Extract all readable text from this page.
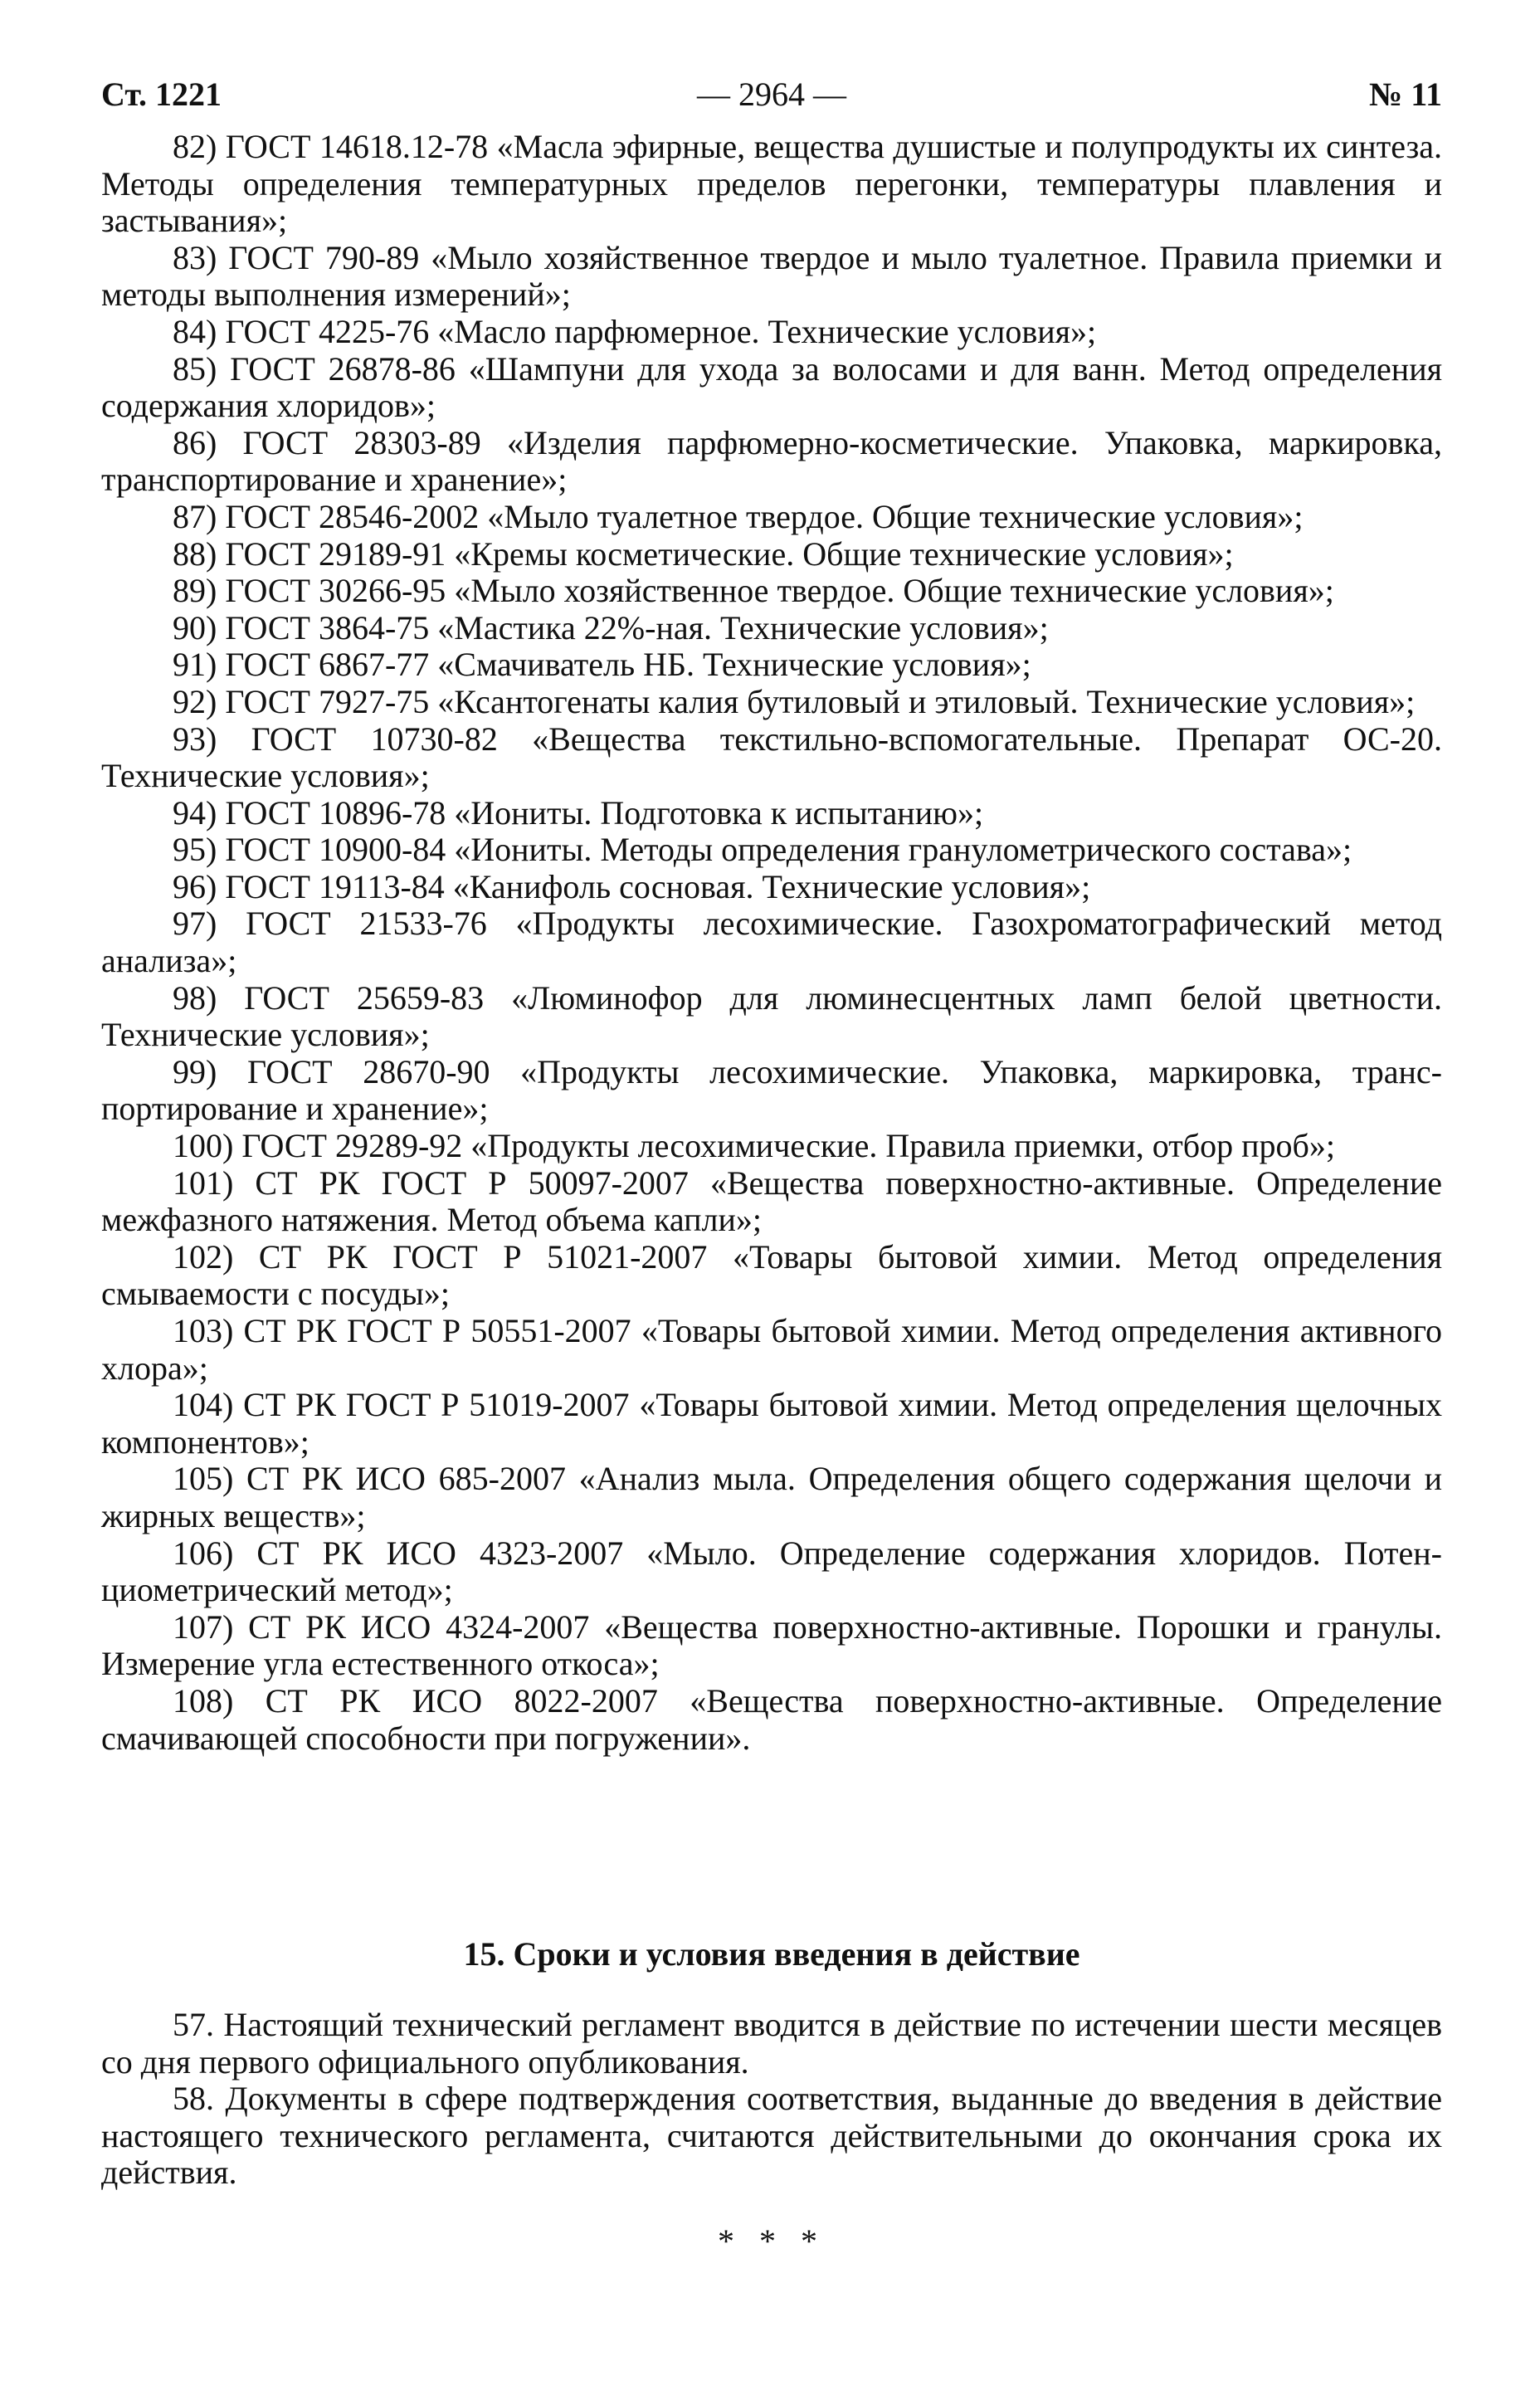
Ст. 1221	— 2964 —	№ 11

82) ГОСТ 14618.12-78 «Масла эфирные, вещества душистые и полупродукты их синтеза. Методы определения температурных пределов перегонки, температуры плавления и застывания»;

83) ГОСТ 790-89 «Мыло хозяйственное твердое и мыло туалетное. Правила приемки и методы выполнения измерений»;

84) ГОСТ 4225-76 «Масло парфюмерное. Технические условия»;

85) ГОСТ 26878-86 «Шампуни для ухода за волосами и для ванн. Метод определения содержания хлоридов»;

86) ГОСТ 28303-89 «Изделия парфюмерно-косметические. Упаковка, маркировка, транспортирование и хранение»;

87) ГОСТ 28546-2002 «Мыло туалетное твердое. Общие технические условия»;

88) ГОСТ 29189-91 «Кремы косметические. Общие технические условия»;

89) ГОСТ 30266-95 «Мыло хозяйственное твердое. Общие технические условия»;

90) ГОСТ 3864-75 «Мастика 22%-ная. Технические условия»;

91) ГОСТ 6867-77 «Смачиватель НБ. Технические условия»;

92) ГОСТ 7927-75 «Ксантогенаты калия бутиловый и этиловый. Технические условия»;

93) ГОСТ 10730-82 «Вещества текстильно-вспомогательные. Препарат ОС-20. Технические условия»;

94) ГОСТ 10896-78 «Иониты. Подготовка к испытанию»;

95) ГОСТ 10900-84 «Иониты. Методы определения гранулометрического состава»;

96) ГОСТ 19113-84 «Канифоль сосновая. Технические условия»;

97) ГОСТ 21533-76 «Продукты лесохимические. Газохроматографический метод анализа»;

98) ГОСТ 25659-83 «Люминофор для люминесцентных ламп белой цветности. Технические условия»;

99) ГОСТ 28670-90 «Продукты лесохимические. Упаковка, маркировка, транспортирование и хранение»;

100) ГОСТ 29289-92 «Продукты лесохимические. Правила приемки, отбор проб»;

101) СТ РК ГОСТ Р 50097-2007 «Вещества поверхностно-активные. Определение межфазного натяжения. Метод объема капли»;

102) СТ РК ГОСТ Р 51021-2007 «Товары бытовой химии. Метод определения смываемости с посуды»;

103) СТ РК ГОСТ Р 50551-2007 «Товары бытовой химии. Метод определения активного хлора»;

104) СТ РК ГОСТ Р 51019-2007 «Товары бытовой химии. Метод определения щелочных компонентов»;

105) СТ РК ИСО 685-2007 «Анализ мыла. Определения общего содержания щелочи и жирных веществ»;

106) СТ РК ИСО 4323-2007 «Мыло. Определение содержания хлоридов. Потенциометрический метод»;

107) СТ РК ИСО 4324-2007 «Вещества поверхностно-активные. Порошки и гранулы. Измерение угла естественного откоса»;

108) СТ РК ИСО 8022-2007 «Вещества поверхностно-активные. Определение смачивающей способности при погружении».

15. Сроки и условия введения в действие

57. Настоящий технический регламент вводится в действие по истечении шести месяцев со дня первого официального опубликования.

58. Документы в сфере подтверждения соответствия, выданные до введения в действие настоящего технического регламента, считаются действительными до окончания срока их действия.

* * *
